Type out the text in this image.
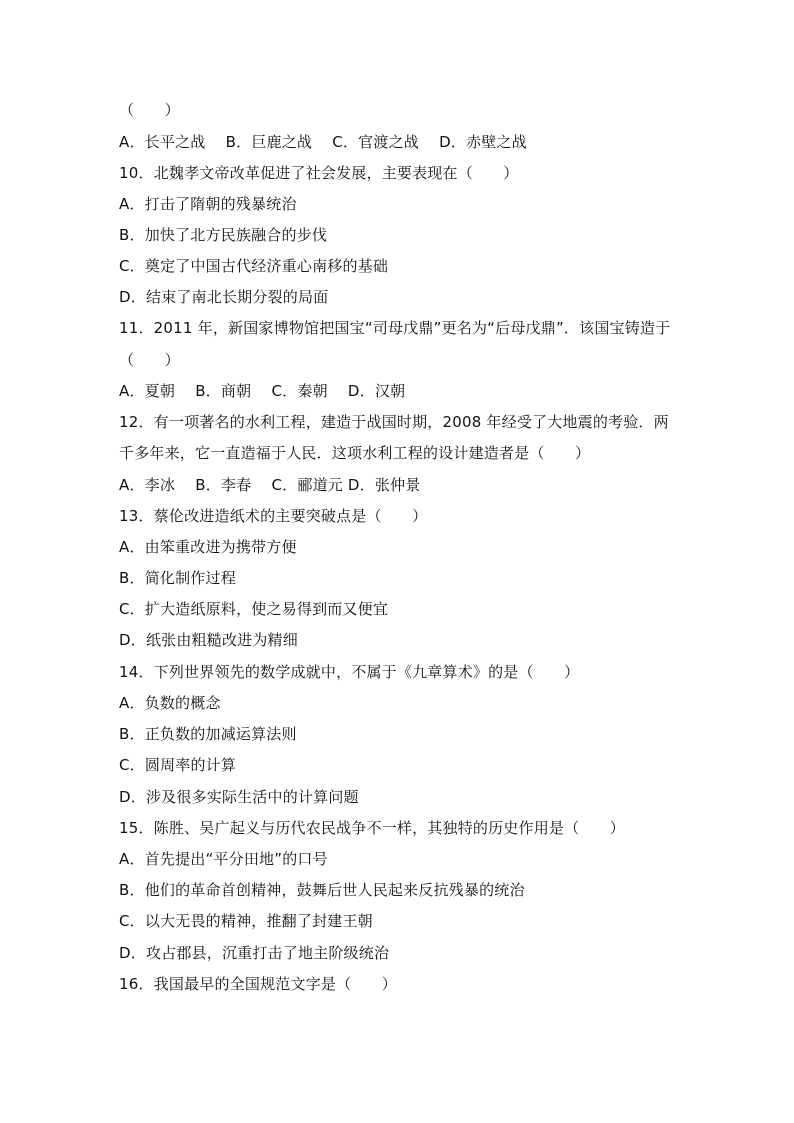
（　　）
A．长平之战　 B．巨鹿之战　 C．官渡之战　 D．赤壁之战
10．北魏孝文帝改革促进了社会发展，主要表现在（　　）
A．打击了隋朝的残暴统治
B．加快了北方民族融合的步伐
C．奠定了中国古代经济重心南移的基础
D．结束了南北长期分裂的局面
11．2011 年，新国家博物馆把国宝“司母戊鼎”更名为“后母戊鼎”．该国宝铸造于
（　　）
A．夏朝　 B．商朝　 C．秦朝　 D．汉朝
12．有一项著名的水利工程，建造于战国时期，2008 年经受了大地震的考验．两
千多年来，它一直造福于人民．这项水利工程的设计建造者是（　　）
A．李冰　 B．李春　 C．郦道元 D．张仲景
13．蔡伦改进造纸术的主要突破点是（　　）
A．由笨重改进为携带方便
B．简化制作过程
C．扩大造纸原料，使之易得到而又便宜
D．纸张由粗糙改进为精细
14．下列世界领先的数学成就中，不属于《九章算术》的是（　　）
A．负数的概念
B．正负数的加减运算法则
C．圆周率的计算
D．涉及很多实际生活中的计算问题
15．陈胜、吴广起义与历代农民战争不一样，其独特的历史作用是（　　）
A．首先提出“平分田地”的口号
B．他们的革命首创精神，鼓舞后世人民起来反抗残暴的统治
C．以大无畏的精神，推翻了封建王朝
D．攻占郡县，沉重打击了地主阶级统治
16．我国最早的全国规范文字是（　　）
